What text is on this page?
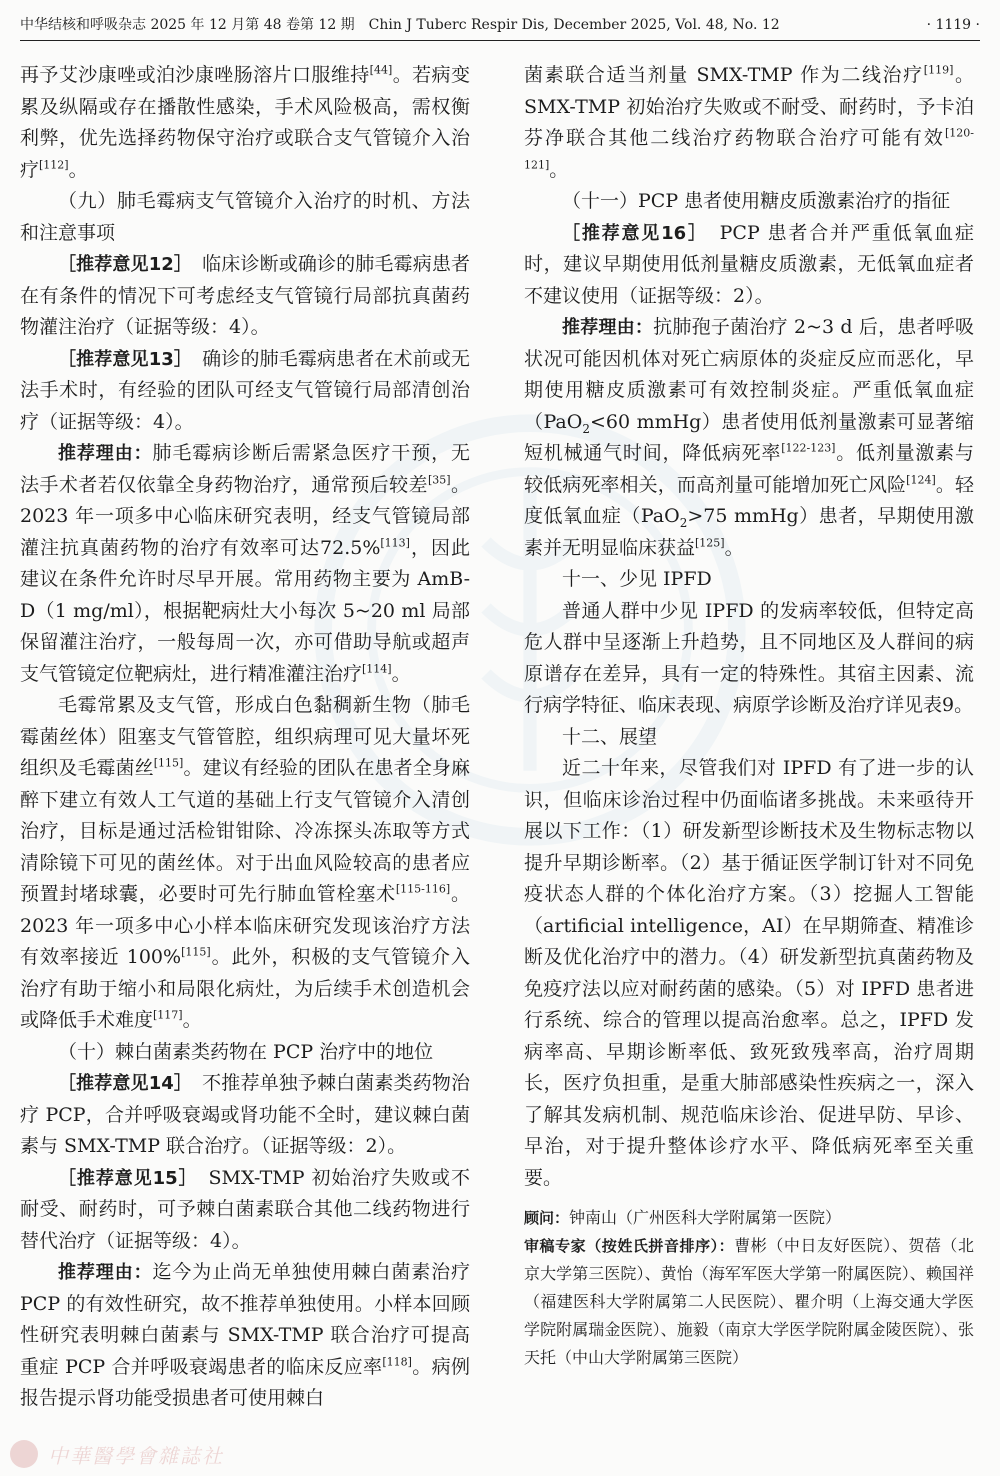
中华结核和呼吸杂志 2025 年 12 月第 48 卷第 12 期　Chin J Tuberc Respir Dis, December 2025, Vol. 48, No. 12	· 1119 ·

再予艾沙康唑或泊沙康唑肠溶片口服维持[44]。若病变累及纵隔或存在播散性感染，手术风险极高，需权衡利弊，优先选择药物保守治疗或联合支气管镜介入治疗[112]。

（九）肺毛霉病支气管镜介入治疗的时机、方法和注意事项

［推荐意见12］　临床诊断或确诊的肺毛霉病患者在有条件的情况下可考虑经支气管镜行局部抗真菌药物灌注治疗（证据等级：4）。

［推荐意见13］　确诊的肺毛霉病患者在术前或无法手术时，有经验的团队可经支气管镜行局部清创治疗（证据等级：4）。

推荐理由：肺毛霉病诊断后需紧急医疗干预，无法手术者若仅依靠全身药物治疗，通常预后较差[35]。2023 年一项多中心临床研究表明，经支气管镜局部灌注抗真菌药物的治疗有效率可达72.5%[113]，因此建议在条件允许时尽早开展。常用药物主要为 AmB-D（1 mg/ml），根据靶病灶大小每次 5~20 ml 局部保留灌注治疗，一般每周一次，亦可借助导航或超声支气管镜定位靶病灶，进行精准灌注治疗[114]。

毛霉常累及支气管，形成白色黏稠新生物（肺毛霉菌丝体）阻塞支气管管腔，组织病理可见大量坏死组织及毛霉菌丝[115]。建议有经验的团队在患者全身麻醉下建立有效人工气道的基础上行支气管镜介入清创治疗，目标是通过活检钳钳除、冷冻探头冻取等方式清除镜下可见的菌丝体。对于出血风险较高的患者应预置封堵球囊，必要时可先行肺血管栓塞术[115-116]。2023 年一项多中心小样本临床研究发现该治疗方法有效率接近 100%[115]。此外，积极的支气管镜介入治疗有助于缩小和局限化病灶，为后续手术创造机会或降低手术难度[117]。

（十）棘白菌素类药物在 PCP 治疗中的地位

［推荐意见14］　不推荐单独予棘白菌素类药物治疗 PCP，合并呼吸衰竭或肾功能不全时，建议棘白菌素与 SMX-TMP 联合治疗。（证据等级：2）。

［推荐意见15］　SMX-TMP 初始治疗失败或不耐受、耐药时，可予棘白菌素联合其他二线药物进行替代治疗（证据等级：4）。

推荐理由：迄今为止尚无单独使用棘白菌素治疗 PCP 的有效性研究，故不推荐单独使用。小样本回顾性研究表明棘白菌素与 SMX-TMP 联合治疗可提高重症 PCP 合并呼吸衰竭患者的临床反应率[118]。病例报告提示肾功能受损患者可使用棘白

菌素联合适当剂量 SMX-TMP 作为二线治疗[119]。SMX-TMP 初始治疗失败或不耐受、耐药时，予卡泊芬净联合其他二线治疗药物联合治疗可能有效[120-121]。

（十一）PCP 患者使用糖皮质激素治疗的指征

［推荐意见16］　PCP 患者合并严重低氧血症时，建议早期使用低剂量糖皮质激素，无低氧血症者不建议使用（证据等级：2）。

推荐理由：抗肺孢子菌治疗 2~3 d 后，患者呼吸状况可能因机体对死亡病原体的炎症反应而恶化，早期使用糖皮质激素可有效控制炎症。严重低氧血症（PaO$_2$<60 mmHg）患者使用低剂量激素可显著缩短机械通气时间，降低病死率[122-123]。低剂量激素与较低病死率相关，而高剂量可能增加死亡风险[124]。轻度低氧血症（PaO$_2$>75 mmHg）患者，早期使用激素并无明显临床获益[125]。

十一、少见 IPFD

普通人群中少见 IPFD 的发病率较低，但特定高危人群中呈逐渐上升趋势，且不同地区及人群间的病原谱存在差异，具有一定的特殊性。其宿主因素、流行病学特征、临床表现、病原学诊断及治疗详见表9。

十二、展望

近二十年来，尽管我们对 IPFD 有了进一步的认识，但临床诊治过程中仍面临诸多挑战。未来亟待开展以下工作：（1）研发新型诊断技术及生物标志物以提升早期诊断率。（2）基于循证医学制订针对不同免疫状态人群的个体化治疗方案。（3）挖掘人工智能（artificial intelligence，AI）在早期筛查、精准诊断及优化治疗中的潜力。（4）研发新型抗真菌药物及免疫疗法以应对耐药菌的感染。（5）对 IPFD 患者进行系统、综合的管理以提高治愈率。总之，IPFD 发病率高、早期诊断率低、致死致残率高，治疗周期长，医疗负担重，是重大肺部感染性疾病之一，深入了解其发病机制、规范临床诊治、促进早防、早诊、早治，对于提升整体诊疗水平、降低病死率至关重要。

顾问：钟南山（广州医科大学附属第一医院）

审稿专家（按姓氏拼音排序）：曹彬（中日友好医院）、贺蓓（北京大学第三医院）、黄怡（海军军医大学第一附属医院）、赖国祥（福建医科大学附属第二人民医院）、瞿介明（上海交通大学医学院附属瑞金医院）、施毅（南京大学医学院附属金陵医院）、张天托（中山大学附属第三医院）

中華醫學會雜誌社
